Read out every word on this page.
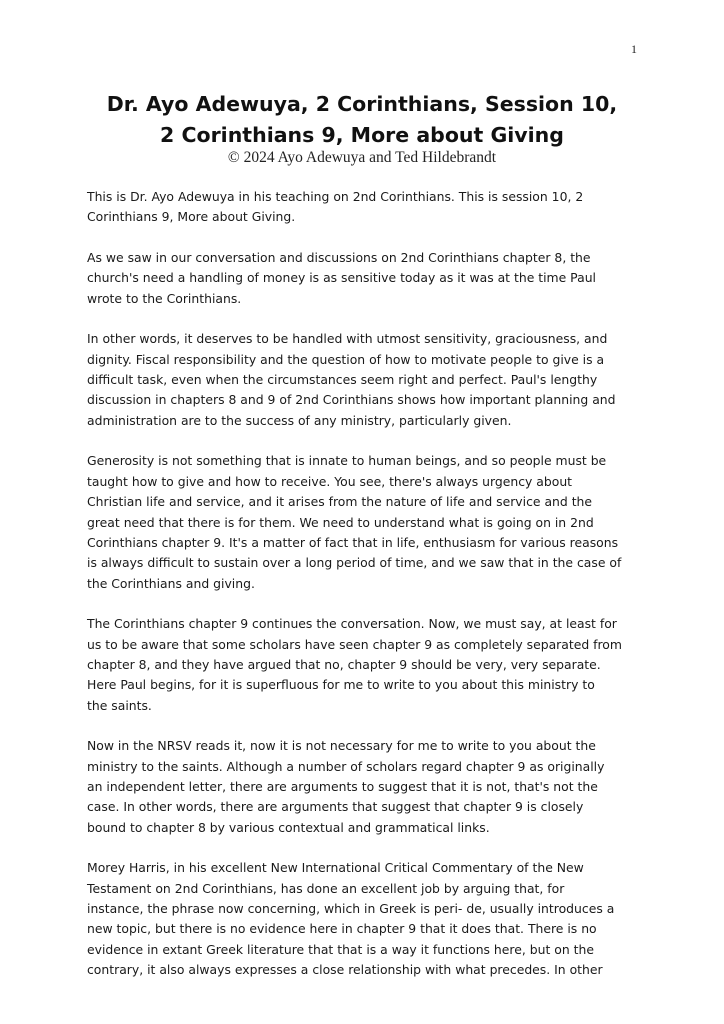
1
Dr. Ayo Adewuya, 2 Corinthians, Session 10,
2 Corinthians 9, More about Giving
© 2024 Ayo Adewuya and Ted Hildebrandt

This is Dr. Ayo Adewuya in his teaching on 2nd Corinthians. This is session 10, 2
Corinthians 9, More about Giving.

As we saw in our conversation and discussions on 2nd Corinthians chapter 8, the
church's need a handling of money is as sensitive today as it was at the time Paul
wrote to the Corinthians.

In other words, it deserves to be handled with utmost sensitivity, graciousness, and
dignity. Fiscal responsibility and the question of how to motivate people to give is a
difficult task, even when the circumstances seem right and perfect. Paul's lengthy
discussion in chapters 8 and 9 of 2nd Corinthians shows how important planning and
administration are to the success of any ministry, particularly given.

Generosity is not something that is innate to human beings, and so people must be
taught how to give and how to receive. You see, there's always urgency about
Christian life and service, and it arises from the nature of life and service and the
great need that there is for them. We need to understand what is going on in 2nd
Corinthians chapter 9. It's a matter of fact that in life, enthusiasm for various reasons
is always difficult to sustain over a long period of time, and we saw that in the case of
the Corinthians and giving.

The Corinthians chapter 9 continues the conversation. Now, we must say, at least for
us to be aware that some scholars have seen chapter 9 as completely separated from
chapter 8, and they have argued that no, chapter 9 should be very, very separate.
Here Paul begins, for it is superfluous for me to write to you about this ministry to
the saints.

Now in the NRSV reads it, now it is not necessary for me to write to you about the
ministry to the saints. Although a number of scholars regard chapter 9 as originally
an independent letter, there are arguments to suggest that it is not, that's not the
case. In other words, there are arguments that suggest that chapter 9 is closely
bound to chapter 8 by various contextual and grammatical links.

Morey Harris, in his excellent New International Critical Commentary of the New
Testament on 2nd Corinthians, has done an excellent job by arguing that, for
instance, the phrase now concerning, which in Greek is peri- de, usually introduces a
new topic, but there is no evidence here in chapter 9 that it does that. There is no
evidence in extant Greek literature that that is a way it functions here, but on the
contrary, it also always expresses a close relationship with what precedes. In other
